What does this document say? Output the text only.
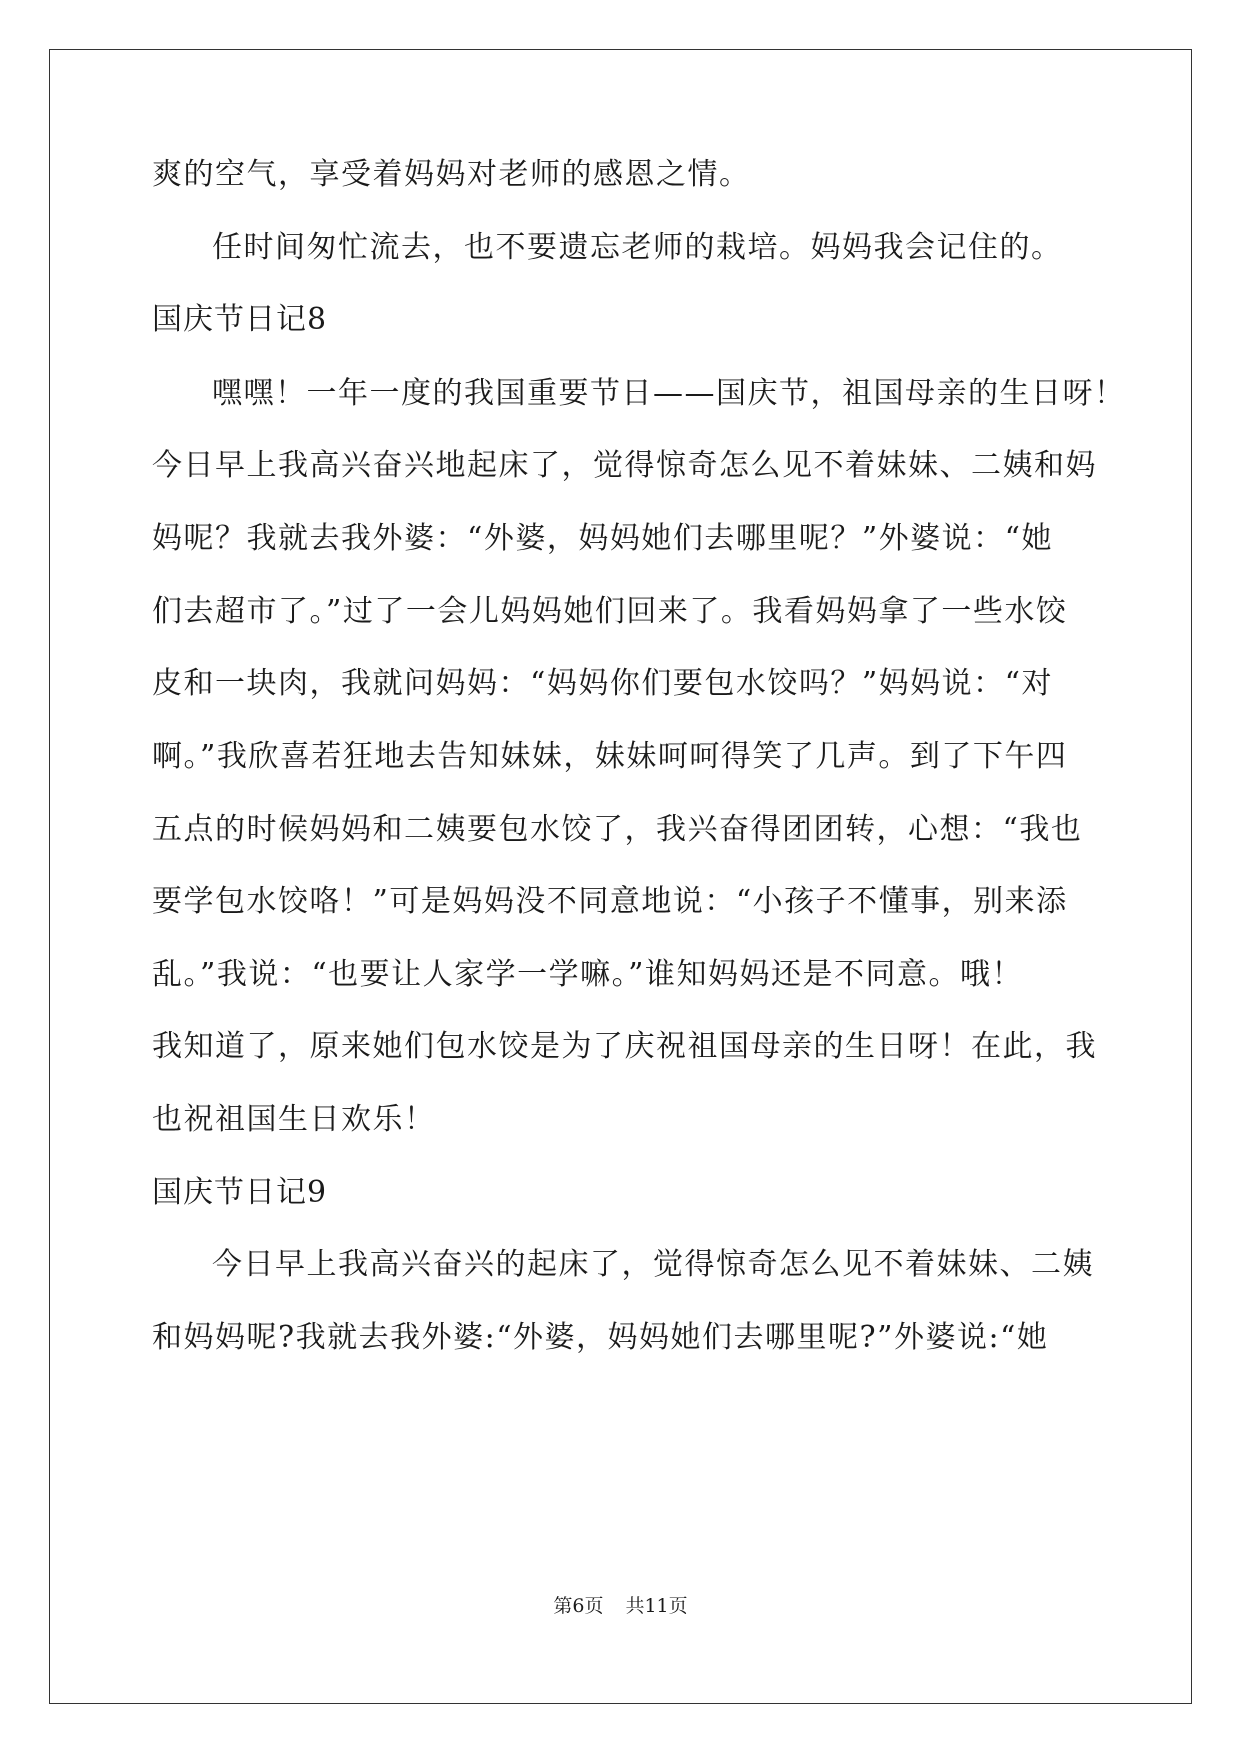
爽的空气，享受着妈妈对老师的感恩之情。
任时间匆忙流去，也不要遗忘老师的栽培。妈妈我会记住的。
国庆节日记8
嘿嘿！一年一度的我国重要节日——国庆节，祖国母亲的生日呀！
今日早上我高兴奋兴地起床了，觉得惊奇怎么见不着妹妹、二姨和妈
妈呢？我就去我外婆：“外婆，妈妈她们去哪里呢？”外婆说：“她
们去超市了。”过了一会儿妈妈她们回来了。我看妈妈拿了一些水饺
皮和一块肉，我就问妈妈：“妈妈你们要包水饺吗？”妈妈说：“对
啊。”我欣喜若狂地去告知妹妹，妹妹呵呵得笑了几声。到了下午四
五点的时候妈妈和二姨要包水饺了，我兴奋得团团转，心想：“我也
要学包水饺咯！”可是妈妈没不同意地说：“小孩子不懂事，别来添
乱。”我说：“也要让人家学一学嘛。”谁知妈妈还是不同意。哦！
我知道了，原来她们包水饺是为了庆祝祖国母亲的生日呀！在此，我
也祝祖国生日欢乐！
国庆节日记9
今日早上我高兴奋兴的起床了，觉得惊奇怎么见不着妹妹、二姨
和妈妈呢?我就去我外婆:“外婆，妈妈她们去哪里呢?”外婆说:“她
第6页 共11页
